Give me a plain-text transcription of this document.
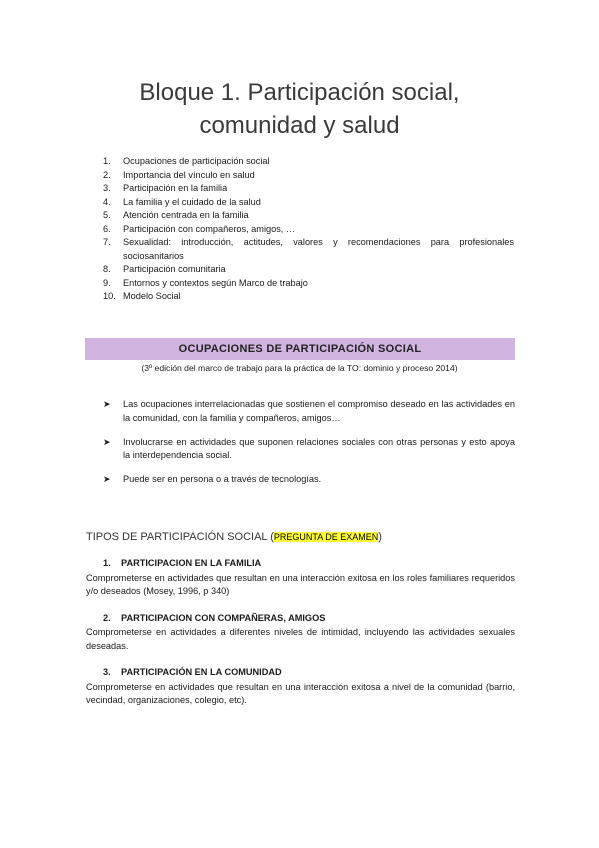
Bloque 1. Participación social,
comunidad y salud
1. Ocupaciones de participación social
2. Importancia del vínculo en salud
3. Participación en la familia
4. La familia y el cuidado de la salud
5. Atención centrada en la familia
6. Participación con compañeros, amigos, …
7. Sexualidad: introducción, actitudes, valores y recomendaciones para profesionales sociosanitarios
8. Participación comunitaria
9. Entornos y contextos según Marco de trabajo
10. Modelo Social
OCUPACIONES DE PARTICIPACIÓN SOCIAL
(3º edición del marco de trabajo para la práctica de la TO: dominio y proceso 2014)
➤ Las ocupaciones interrelacionadas que sostienen el compromiso deseado en las actividades en la comunidad, con la familia y compañeros, amigos…
➤ Involucrarse en actividades que suponen relaciones sociales con otras personas y esto apoya la interdependencia social.
➤ Puede ser en persona o a través de tecnologías.
TIPOS DE PARTICIPACIÓN SOCIAL (PREGUNTA DE EXAMEN)
1. PARTICIPACION EN LA FAMILIA
Comprometerse en actividades que resultan en una interacción exitosa en los roles familiares requeridos y/o deseados (Mosey, 1996, p 340)
2. PARTICIPACION CON COMPAÑERAS, AMIGOS
Comprometerse en actividades a diferentes niveles de intimidad, incluyendo las actividades sexuales deseadas.
3. PARTICIPACIÓN EN LA COMUNIDAD
Comprometerse en actividades que resultan en una interacción exitosa a nivel de la comunidad (barrio, vecindad, organizaciones, colegio, etc).
